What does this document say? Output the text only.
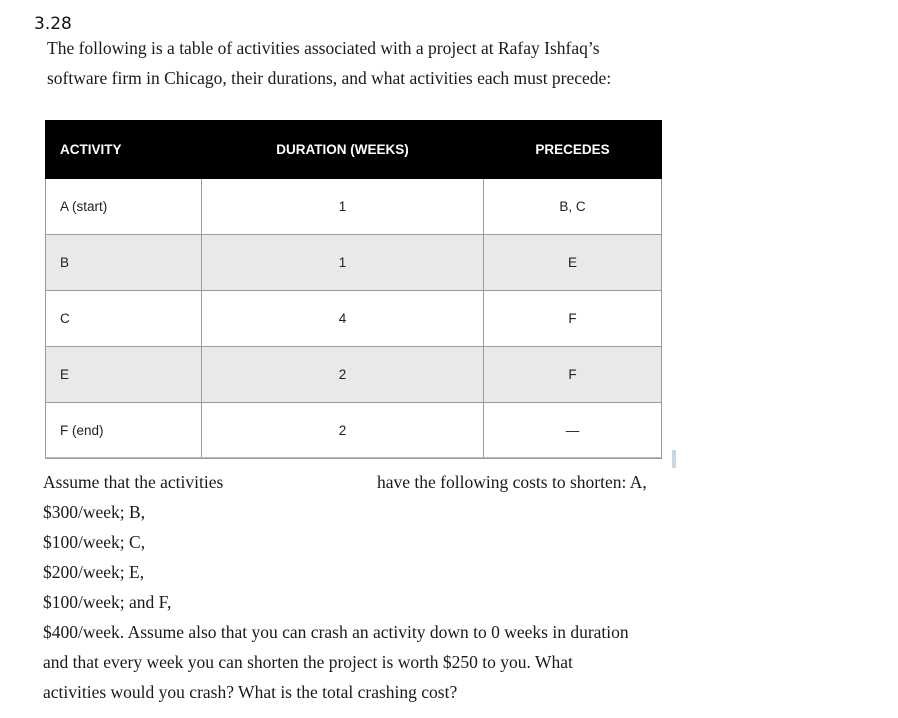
3.28
The following is a table of activities associated with a project at Rafay Ishfaq’s
software firm in Chicago, their durations, and what activities each must precede:
ACTIVITY	DURATION (WEEKS)	PRECEDES
A (start)	1	B, C
B	1	E
C	4	F
E	2	F
F (end)	2	—
Assume that the activities	have the following costs to shorten: A,
$300/week; B,
$100/week; C,
$200/week; E,
$100/week; and F,
$400/week. Assume also that you can crash an activity down to 0 weeks in duration
and that every week you can shorten the project is worth $250 to you. What
activities would you crash? What is the total crashing cost?
